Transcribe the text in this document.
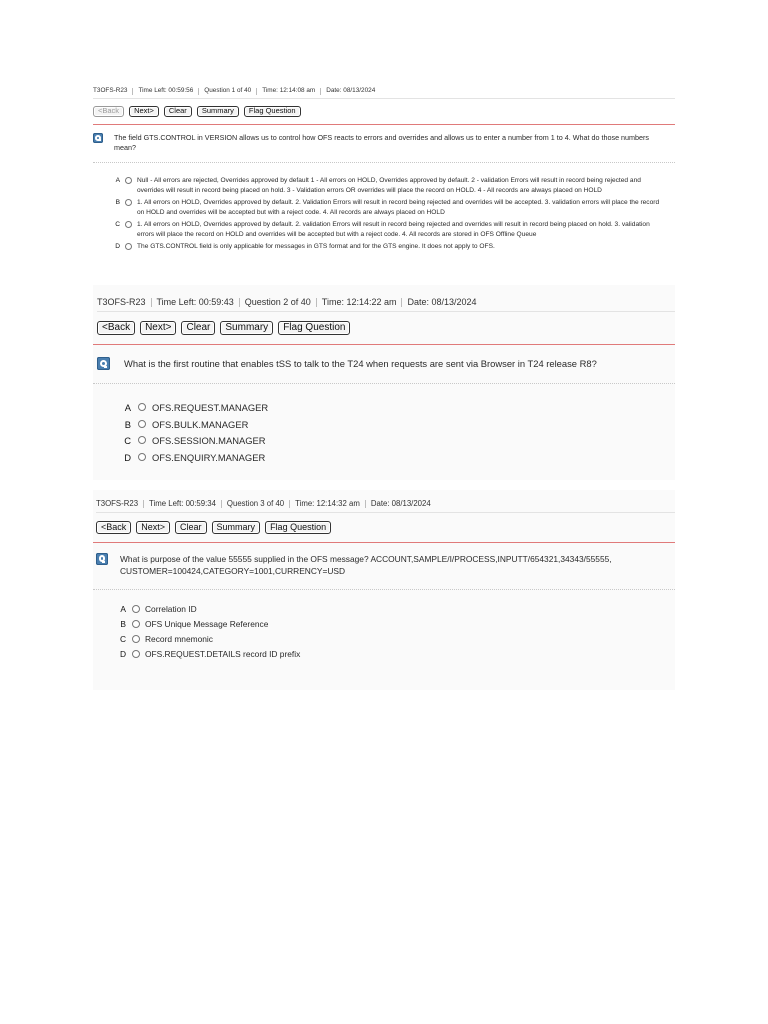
T3OFS-R23	Time Left: 00:59:56	Question 1 of 40	Time: 12:14:08 am	Date: 08/13/2024
<Back	Next>	Clear	Summary	Flag Question
The field GTS.CONTROL in VERSION allows us to control how OFS reacts to errors and overrides and allows us to enter a number from 1 to 4. What do those numbers mean?
A	Null - All errors are rejected, Overrides approved by default 1 - All errors on HOLD, Overrides approved by default. 2 - validation Errors will result in record being rejected and overrides will result in record being placed on hold. 3 - Validation errors OR overrides will place the record on HOLD. 4 - All records are always placed on HOLD
B	1. All errors on HOLD, Overrides approved by default. 2. Validation Errors will result in record being rejected and overrides will be accepted. 3. validation errors will place the record on HOLD and overrides will be accepted but with a reject code. 4. All records are always placed on HOLD
C	1. All errors on HOLD, Overrides approved by default. 2. validation Errors will result in record being rejected and overrides will result in record being placed on hold. 3. validation errors will place the record on HOLD and overrides will be accepted but with a reject code. 4. All records are stored in OFS Offline Queue
D	The GTS.CONTROL field is only applicable for messages in GTS format and for the GTS engine. It does not apply to OFS.
T3OFS-R23	Time Left: 00:59:43	Question 2 of 40	Time: 12:14:22 am	Date: 08/13/2024
<Back	Next>	Clear	Summary	Flag Question
What is the first routine that enables tSS to talk to the T24 when requests are sent via Browser in T24 release R8?
A OFS.REQUEST.MANAGER
B OFS.BULK.MANAGER
C OFS.SESSION.MANAGER
D OFS.ENQUIRY.MANAGER
T3OFS-R23	Time Left: 00:59:34	Question 3 of 40	Time: 12:14:32 am	Date: 08/13/2024
<Back	Next>	Clear	Summary	Flag Question
What is purpose of the value 55555 supplied in the OFS message? ACCOUNT,SAMPLE/I/PROCESS,INPUTT/654321,34343/55555, CUSTOMER=100424,CATEGORY=1001,CURRENCY=USD
A Correlation ID
B OFS Unique Message Reference
C Record mnemonic
D OFS.REQUEST.DETAILS record ID prefix
